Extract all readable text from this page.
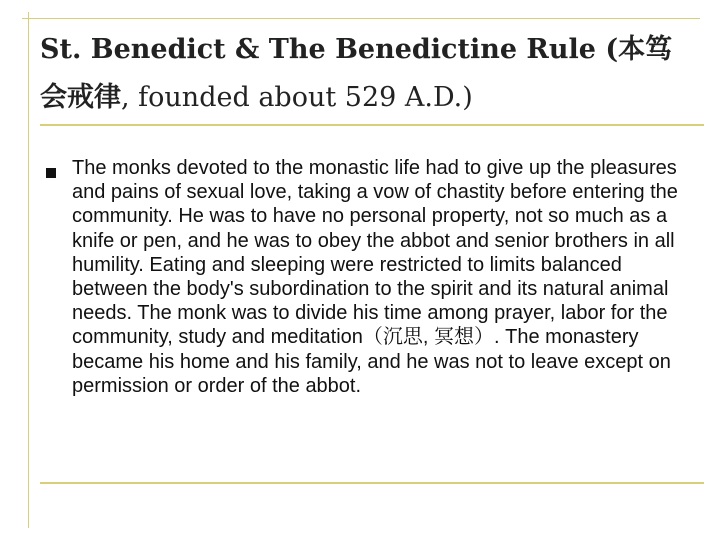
St. Benedict & The Benedictine Rule (本笃会戒律, founded about 529 A.D.)

The monks devoted to the monastic life had to give up the pleasures and pains of sexual love, taking a vow of chastity before entering the community. He was to have no personal property, not so much as a knife or pen, and he was to obey the abbot and senior brothers in all humility. Eating and sleeping were restricted to limits balanced between the body's subordination to the spirit and its natural animal needs. The monk was to divide his time among prayer, labor for the community, study and meditation（沉思, 冥想）. The monastery became his home and his family, and he was not to leave except on permission or order of the abbot.
